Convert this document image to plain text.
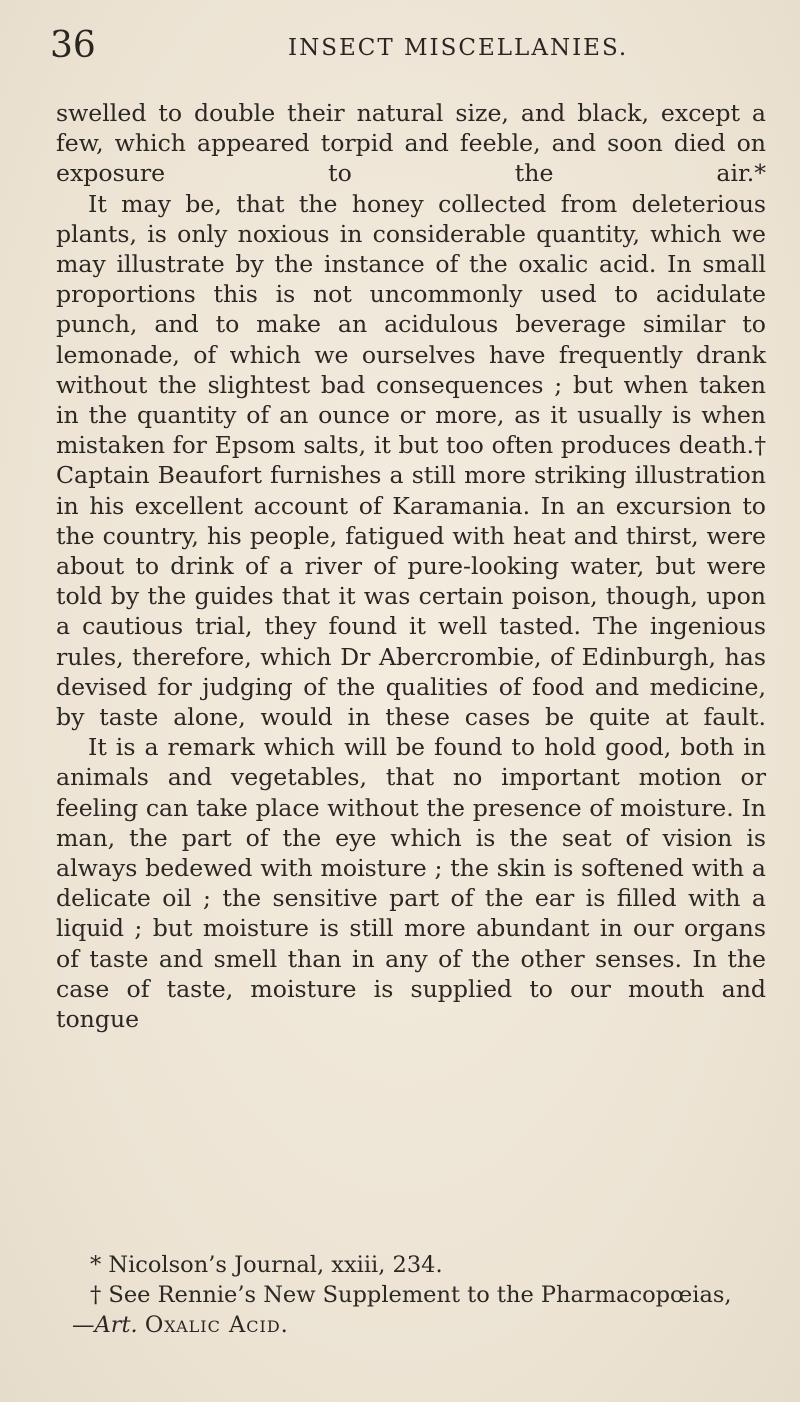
36	INSECT MISCELLANIES.

swelled to double their natural size, and black, except a few, which appeared torpid and feeble, and soon died on exposure to the air.*

It may be, that the honey collected from deleterious plants, is only noxious in considerable quantity, which we may illustrate by the instance of the oxalic acid. In small proportions this is not uncommonly used to acidulate punch, and to make an acidulous beverage similar to lemonade, of which we ourselves have frequently drank without the slightest bad consequences ; but when taken in the quantity of an ounce or more, as it usually is when mistaken for Epsom salts, it but too often produces death.† Captain Beaufort furnishes a still more striking illustration in his excellent account of Karamania. In an excursion to the country, his people, fatigued with heat and thirst, were about to drink of a river of pure-looking water, but were told by the guides that it was certain poison, though, upon a cautious trial, they found it well tasted. The ingenious rules, therefore, which Dr Abercrombie, of Edinburgh, has devised for judging of the qualities of food and medicine, by taste alone, would in these cases be quite at fault.

It is a remark which will be found to hold good, both in animals and vegetables, that no important motion or feeling can take place without the presence of moisture. In man, the part of the eye which is the seat of vision is always bedewed with moisture ; the skin is softened with a delicate oil ; the sensitive part of the ear is filled with a liquid ; but moisture is still more abundant in our organs of taste and smell than in any of the other senses. In the case of taste, moisture is supplied to our mouth and tongue

* Nicolson’s Journal, xxiii, 234.

† See Rennie’s New Supplement to the Pharmacopœias,

—Art. Oxalic Acid.
